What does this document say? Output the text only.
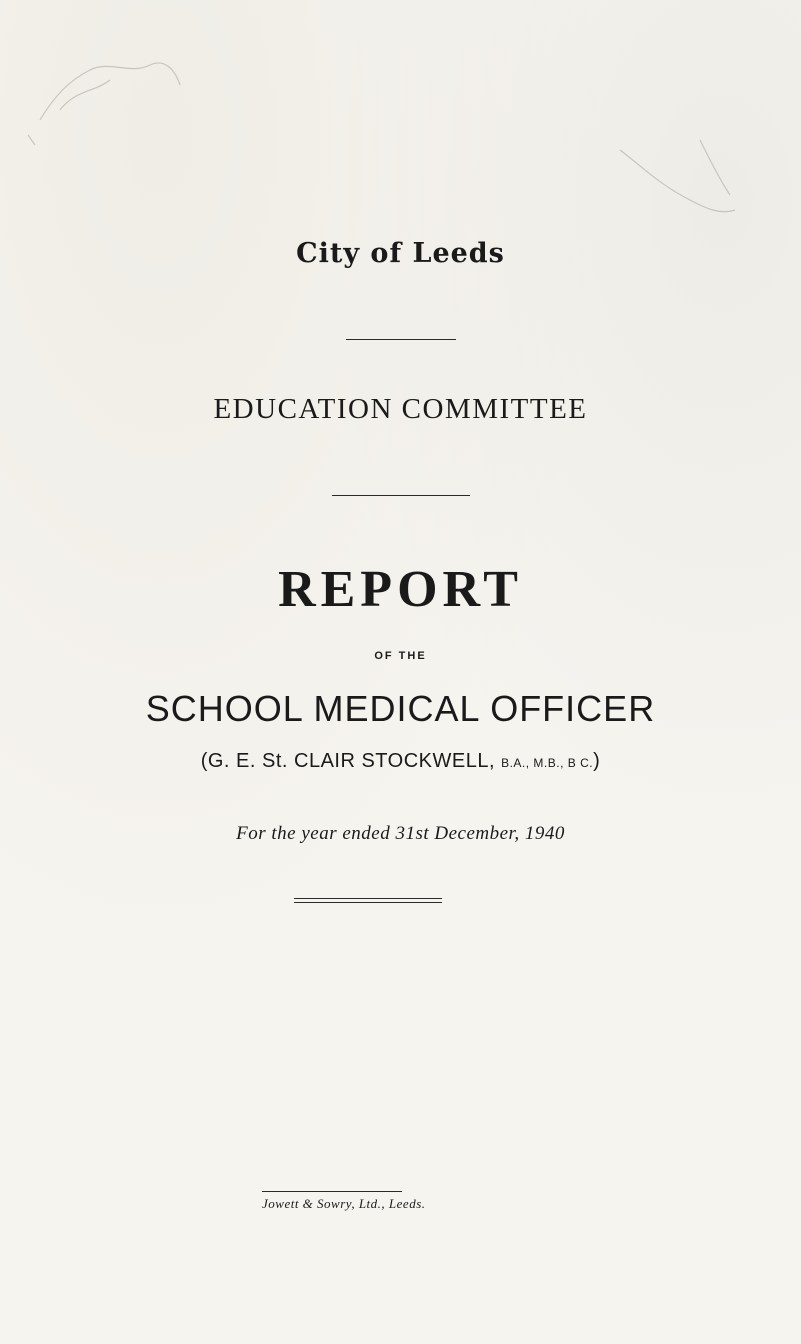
City of Leeds
EDUCATION COMMITTEE
REPORT
OF THE
SCHOOL MEDICAL OFFICER
(G. E. St. CLAIR STOCKWELL, B.A., M.B., B C.)
For the year ended 31st December, 1940
Jowett & Sowry, Ltd., Leeds.
